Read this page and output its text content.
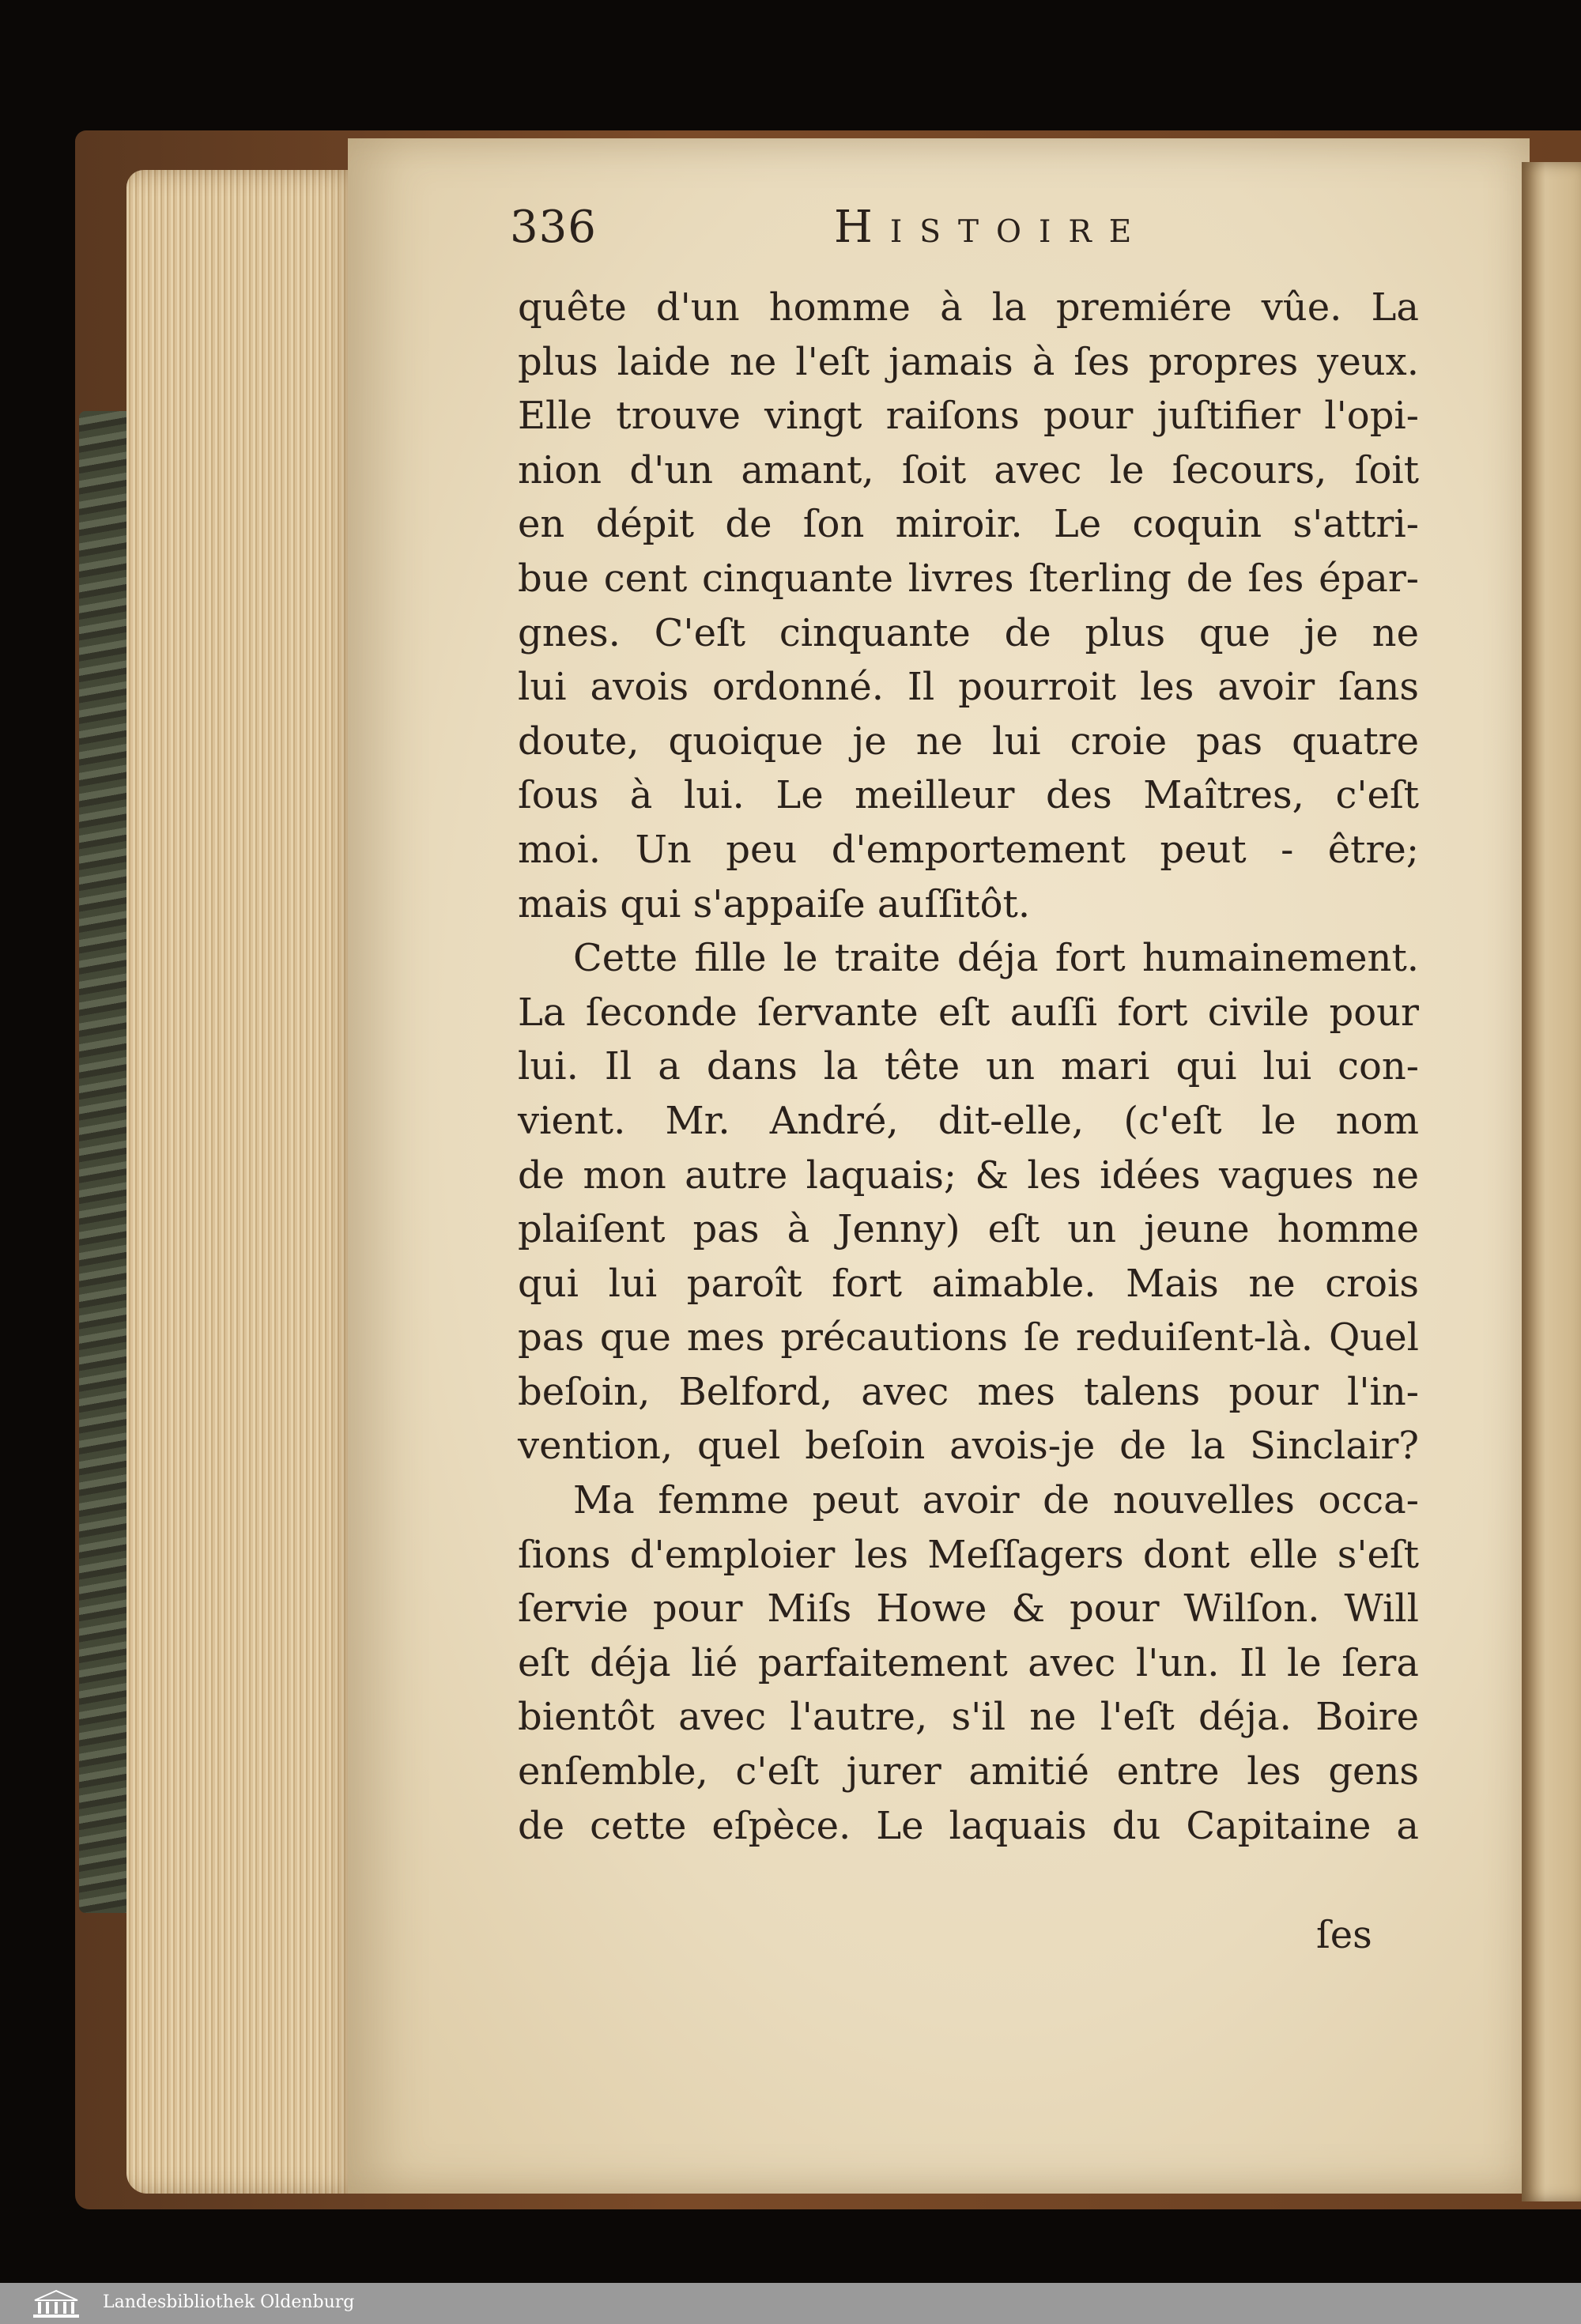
336	Histoire
quête d'un homme à la premiére vûe. La
plus laide ne l'eſt jamais à ſes propres yeux.
Elle trouve vingt raiſons pour juſtifier l'opi-
nion d'un amant, ſoit avec le ſecours, ſoit
en dépit de ſon miroir. Le coquin s'attri-
bue cent cinquante livres ſterling de ſes épar-
gnes. C'eſt cinquante de plus que je ne
lui avois ordonné. Il pourroit les avoir ſans
doute, quoique je ne lui croie pas quatre
ſous à lui. Le meilleur des Maîtres, c'eſt
moi. Un peu d'emportement peut - être;
mais qui s'appaiſe auſſitôt.
Cette fille le traite déja fort humainement.
La ſeconde ſervante eſt auſſi fort civile pour
lui. Il a dans la tête un mari qui lui con-
vient. Mr. André, dit-elle, (c'eſt le nom
de mon autre laquais; & les idées vagues ne
plaiſent pas à Jenny) eſt un jeune homme
qui lui paroît fort aimable. Mais ne crois
pas que mes précautions ſe reduiſent-là. Quel
beſoin, Belford, avec mes talens pour l'in-
vention, quel beſoin avois-je de la Sinclair?
Ma femme peut avoir de nouvelles occa-
ſions d'emploier les Meſſagers dont elle s'eſt
ſervie pour Miſs Howe & pour Wilſon. Will
eſt déja lié parfaitement avec l'un. Il le ſera
bientôt avec l'autre, s'il ne l'eſt déja. Boire
enſemble, c'eſt jurer amitié entre les gens
de cette eſpèce. Le laquais du Capitaine a
ſes
Landesbibliothek Oldenburg
